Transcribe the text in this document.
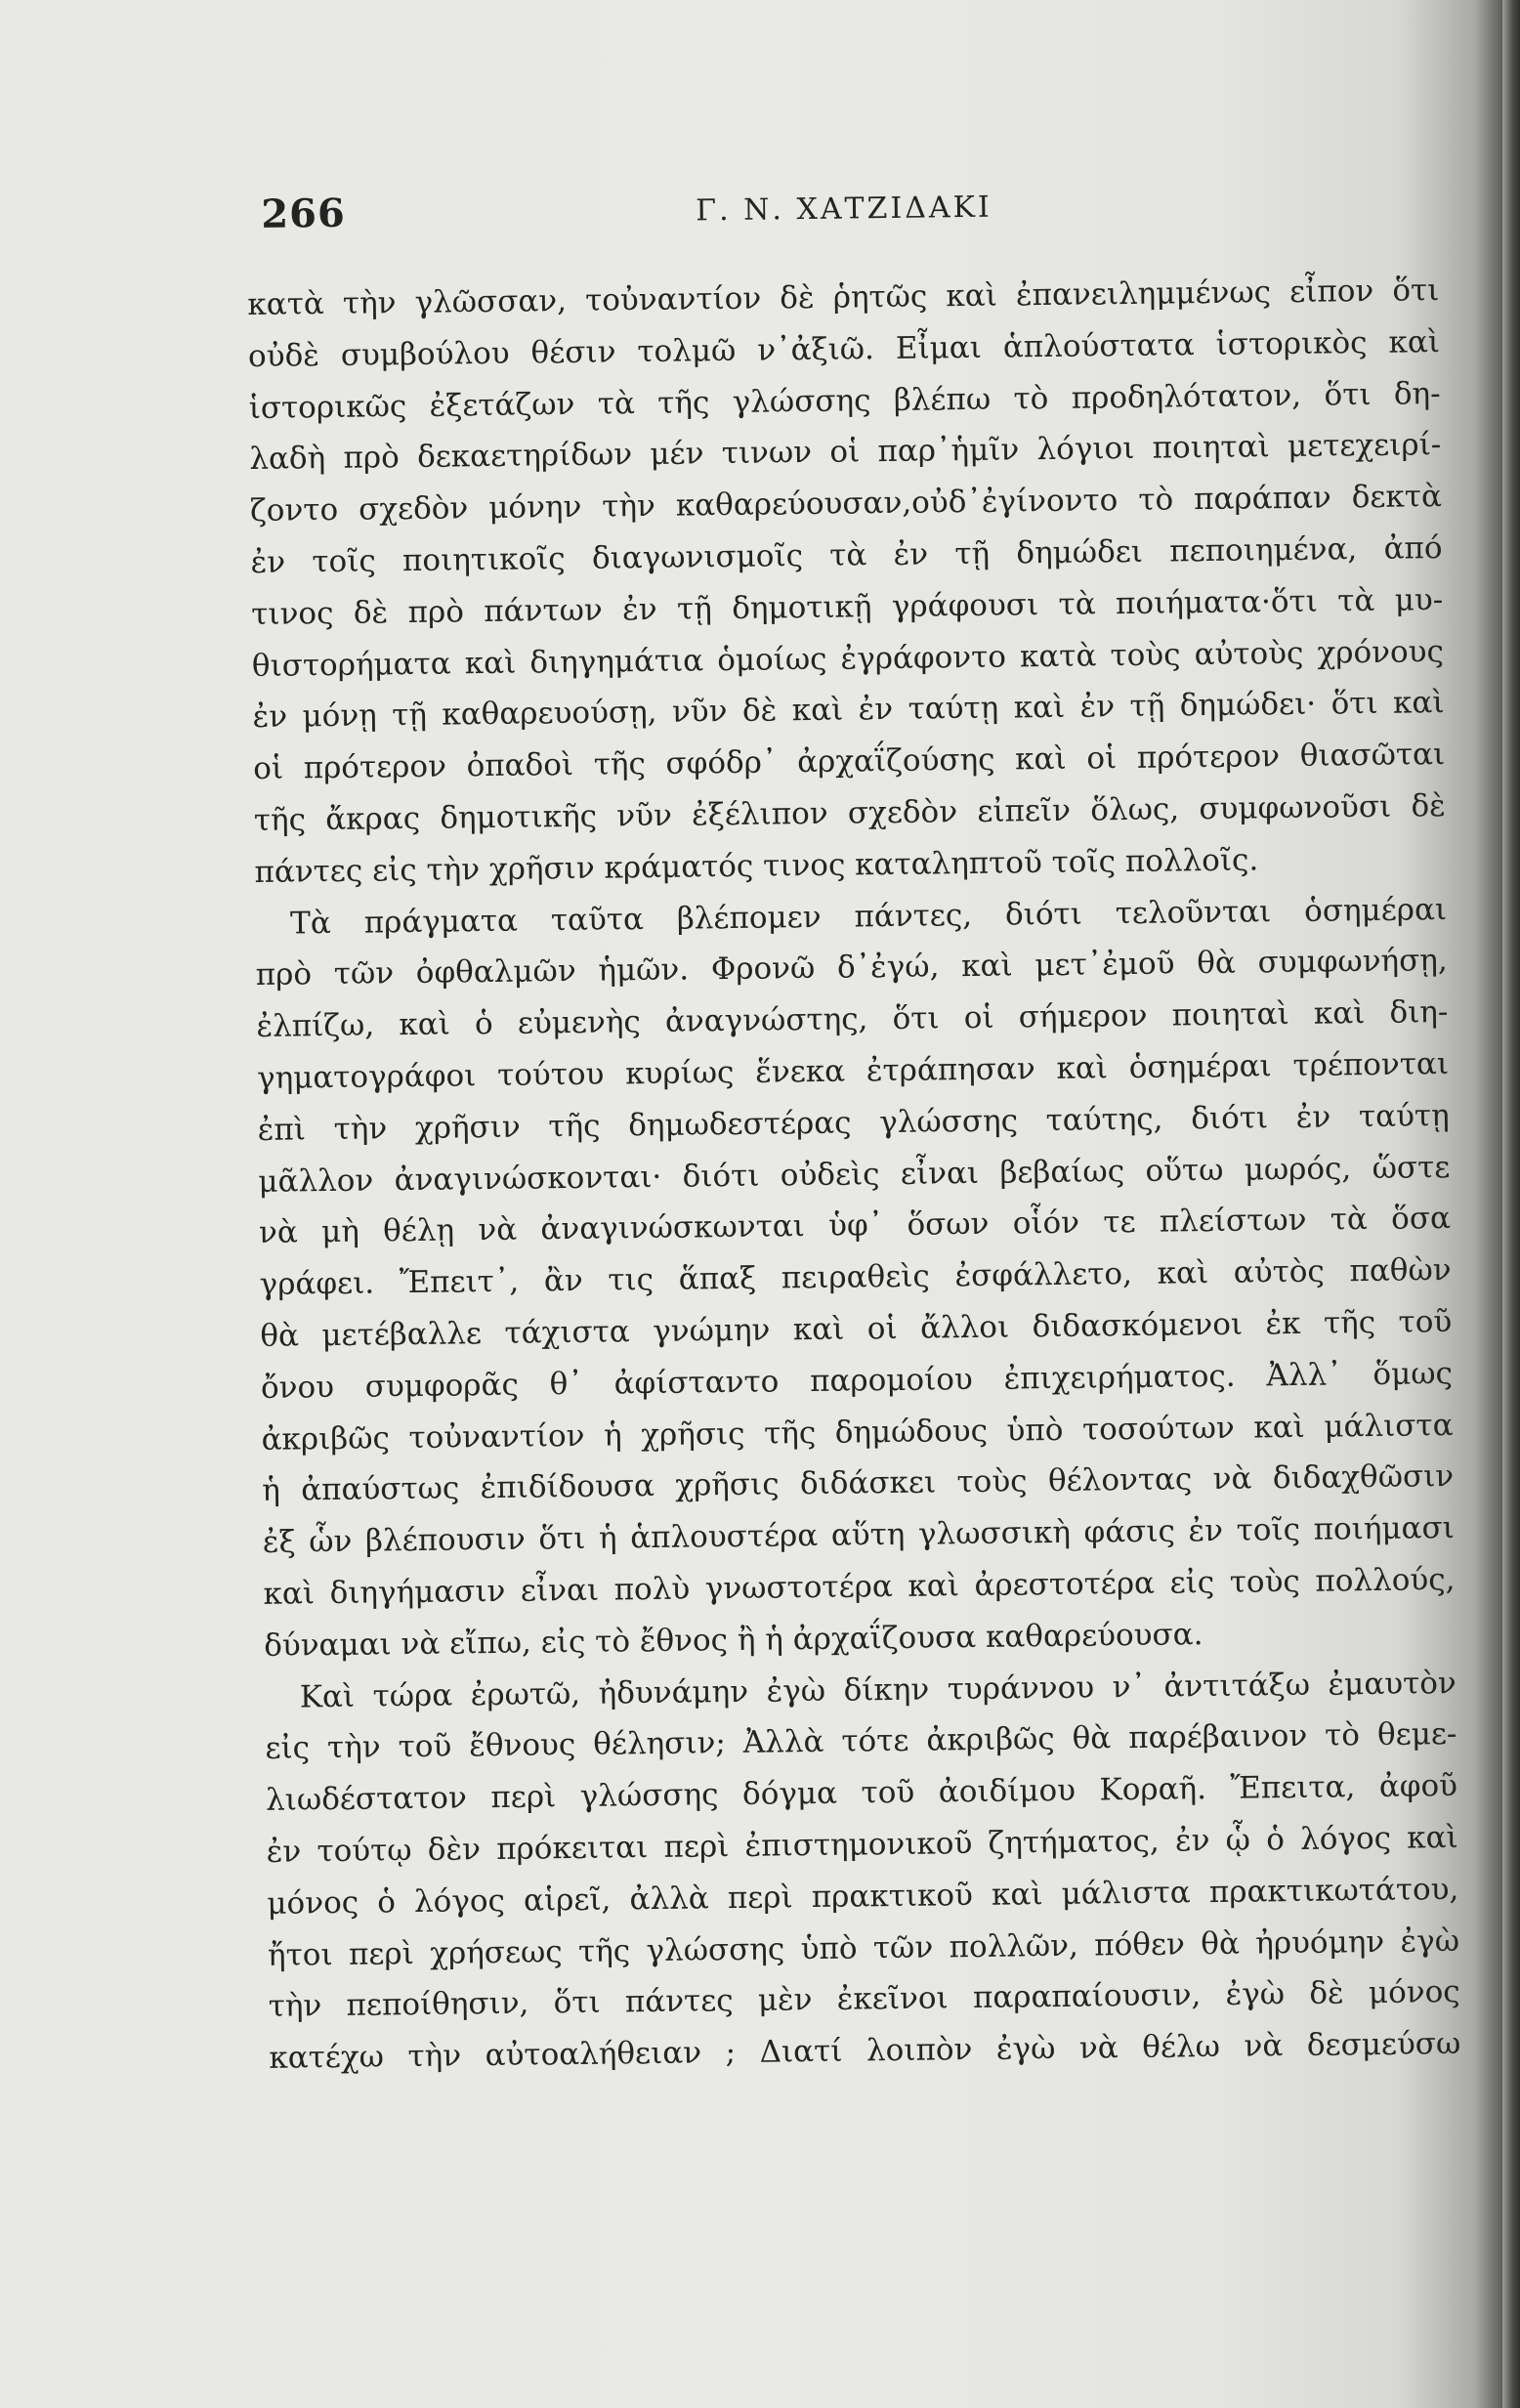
266	Γ. Ν. ΧΑΤΖΙΔΑΚΙ
κατὰ τὴν γλῶσσαν, τοὐναντίον δὲ ῥητῶς καὶ ἐπανειλημμένως εἶπον ὅτι
οὐδὲ συμβούλου θέσιν τολμῶ ν᾽ἀξιῶ. Εἶμαι ἁπλούστατα ἱστορικὸς καὶ
ἱστορικῶς ἐξετάζων τὰ τῆς γλώσσης βλέπω τὸ προδηλότατον, ὅτι δη-
λαδὴ πρὸ δεκαετηρίδων μέν τινων οἱ παρ᾽ἡμῖν λόγιοι ποιηταὶ μετεχειρί-
ζοντο σχεδὸν μόνην τὴν καθαρεύουσαν,οὐδ᾽ἐγίνοντο τὸ παράπαν δεκτὰ
ἐν τοῖς ποιητικοῖς διαγωνισμοῖς τὰ ἐν τῇ δημώδει πεποιημένα, ἀπό
τινος δὲ πρὸ πάντων ἐν τῇ δημοτικῇ γράφουσι τὰ ποιήματα·ὅτι τὰ μυ-
θιστορήματα καὶ διηγημάτια ὁμοίως ἐγράφοντο κατὰ τοὺς αὐτοὺς χρόνους
ἐν μόνῃ τῇ καθαρευούσῃ, νῦν δὲ καὶ ἐν ταύτῃ καὶ ἐν τῇ δημώδει· ὅτι καὶ
οἱ πρότερον ὀπαδοὶ τῆς σφόδρ᾽ ἀρχαΐζούσης καὶ οἱ πρότερον θιασῶται
τῆς ἄκρας δημοτικῆς νῦν ἐξέλιπον σχεδὸν εἰπεῖν ὅλως, συμφωνοῦσι δὲ
πάντες εἰς τὴν χρῆσιν κράματός τινος καταληπτοῦ τοῖς πολλοῖς.
Τὰ πράγματα ταῦτα βλέπομεν πάντες, διότι τελοῦνται ὁσημέραι
πρὸ τῶν ὀφθαλμῶν ἡμῶν. Φρονῶ δ᾽ἐγώ, καὶ μετ᾽ἐμοῦ θὰ συμφωνήσῃ,
ἐλπίζω, καὶ ὁ εὐμενὴς ἀναγνώστης, ὅτι οἱ σήμερον ποιηταὶ καὶ διη-
γηματογράφοι τούτου κυρίως ἕνεκα ἐτράπησαν καὶ ὁσημέραι τρέπονται
ἐπὶ τὴν χρῆσιν τῆς δημωδεστέρας γλώσσης ταύτης, διότι ἐν ταύτῃ
μᾶλλον ἀναγινώσκονται· διότι οὐδεὶς εἶναι βεβαίως οὕτω μωρός, ὥστε
νὰ μὴ θέλῃ νὰ ἀναγινώσκωνται ὑφ᾽ ὅσων οἷόν τε πλείστων τὰ ὅσα
γράφει. Ἔπειτ᾽, ἂν τις ἅπαξ πειραθεὶς ἐσφάλλετο, καὶ αὐτὸς παθὼν
θὰ μετέβαλλε τάχιστα γνώμην καὶ οἱ ἄλλοι διδασκόμενοι ἐκ τῆς τοῦ
ὄνου συμφορᾶς θ᾽ ἀφίσταντο παρομοίου ἐπιχειρήματος. Ἀλλ᾽ ὅμως
ἀκριβῶς τοὐναντίον ἡ χρῆσις τῆς δημώδους ὑπὸ τοσούτων καὶ μάλιστα
ἡ ἀπαύστως ἐπιδίδουσα χρῆσις διδάσκει τοὺς θέλοντας νὰ διδαχθῶσιν
ἐξ ὧν βλέπουσιν ὅτι ἡ ἁπλουστέρα αὕτη γλωσσικὴ φάσις ἐν τοῖς ποιήμασι
καὶ διηγήμασιν εἶναι πολὺ γνωστοτέρα καὶ ἀρεστοτέρα εἰς τοὺς πολλούς,
δύναμαι νὰ εἴπω, εἰς τὸ ἔθνος ἢ ἡ ἀρχαΐζουσα καθαρεύουσα.
Καὶ τώρα ἐρωτῶ, ἠδυνάμην ἐγὼ δίκην τυράννου ν᾽ ἀντιτάξω ἐμαυτὸν
εἰς τὴν τοῦ ἔθνους θέλησιν; Ἀλλὰ τότε ἀκριβῶς θὰ παρέβαινον τὸ θεμε-
λιωδέστατον περὶ γλώσσης δόγμα τοῦ ἀοιδίμου Κοραῆ. Ἔπειτα, ἀφοῦ
ἐν τούτῳ δὲν πρόκειται περὶ ἐπιστημονικοῦ ζητήματος, ἐν ᾧ ὁ λόγος καὶ
μόνος ὁ λόγος αἱρεῖ, ἀλλὰ περὶ πρακτικοῦ καὶ μάλιστα πρακτικωτάτου,
ἤτοι περὶ χρήσεως τῆς γλώσσης ὑπὸ τῶν πολλῶν, πόθεν θὰ ἠρυόμην ἐγὼ
τὴν πεποίθησιν, ὅτι πάντες μὲν ἐκεῖνοι παραπαίουσιν, ἐγὼ δὲ μόνος
κατέχω τὴν αὐτοαλήθειαν ; Διατί λοιπὸν ἐγὼ νὰ θέλω νὰ δεσμεύσω
